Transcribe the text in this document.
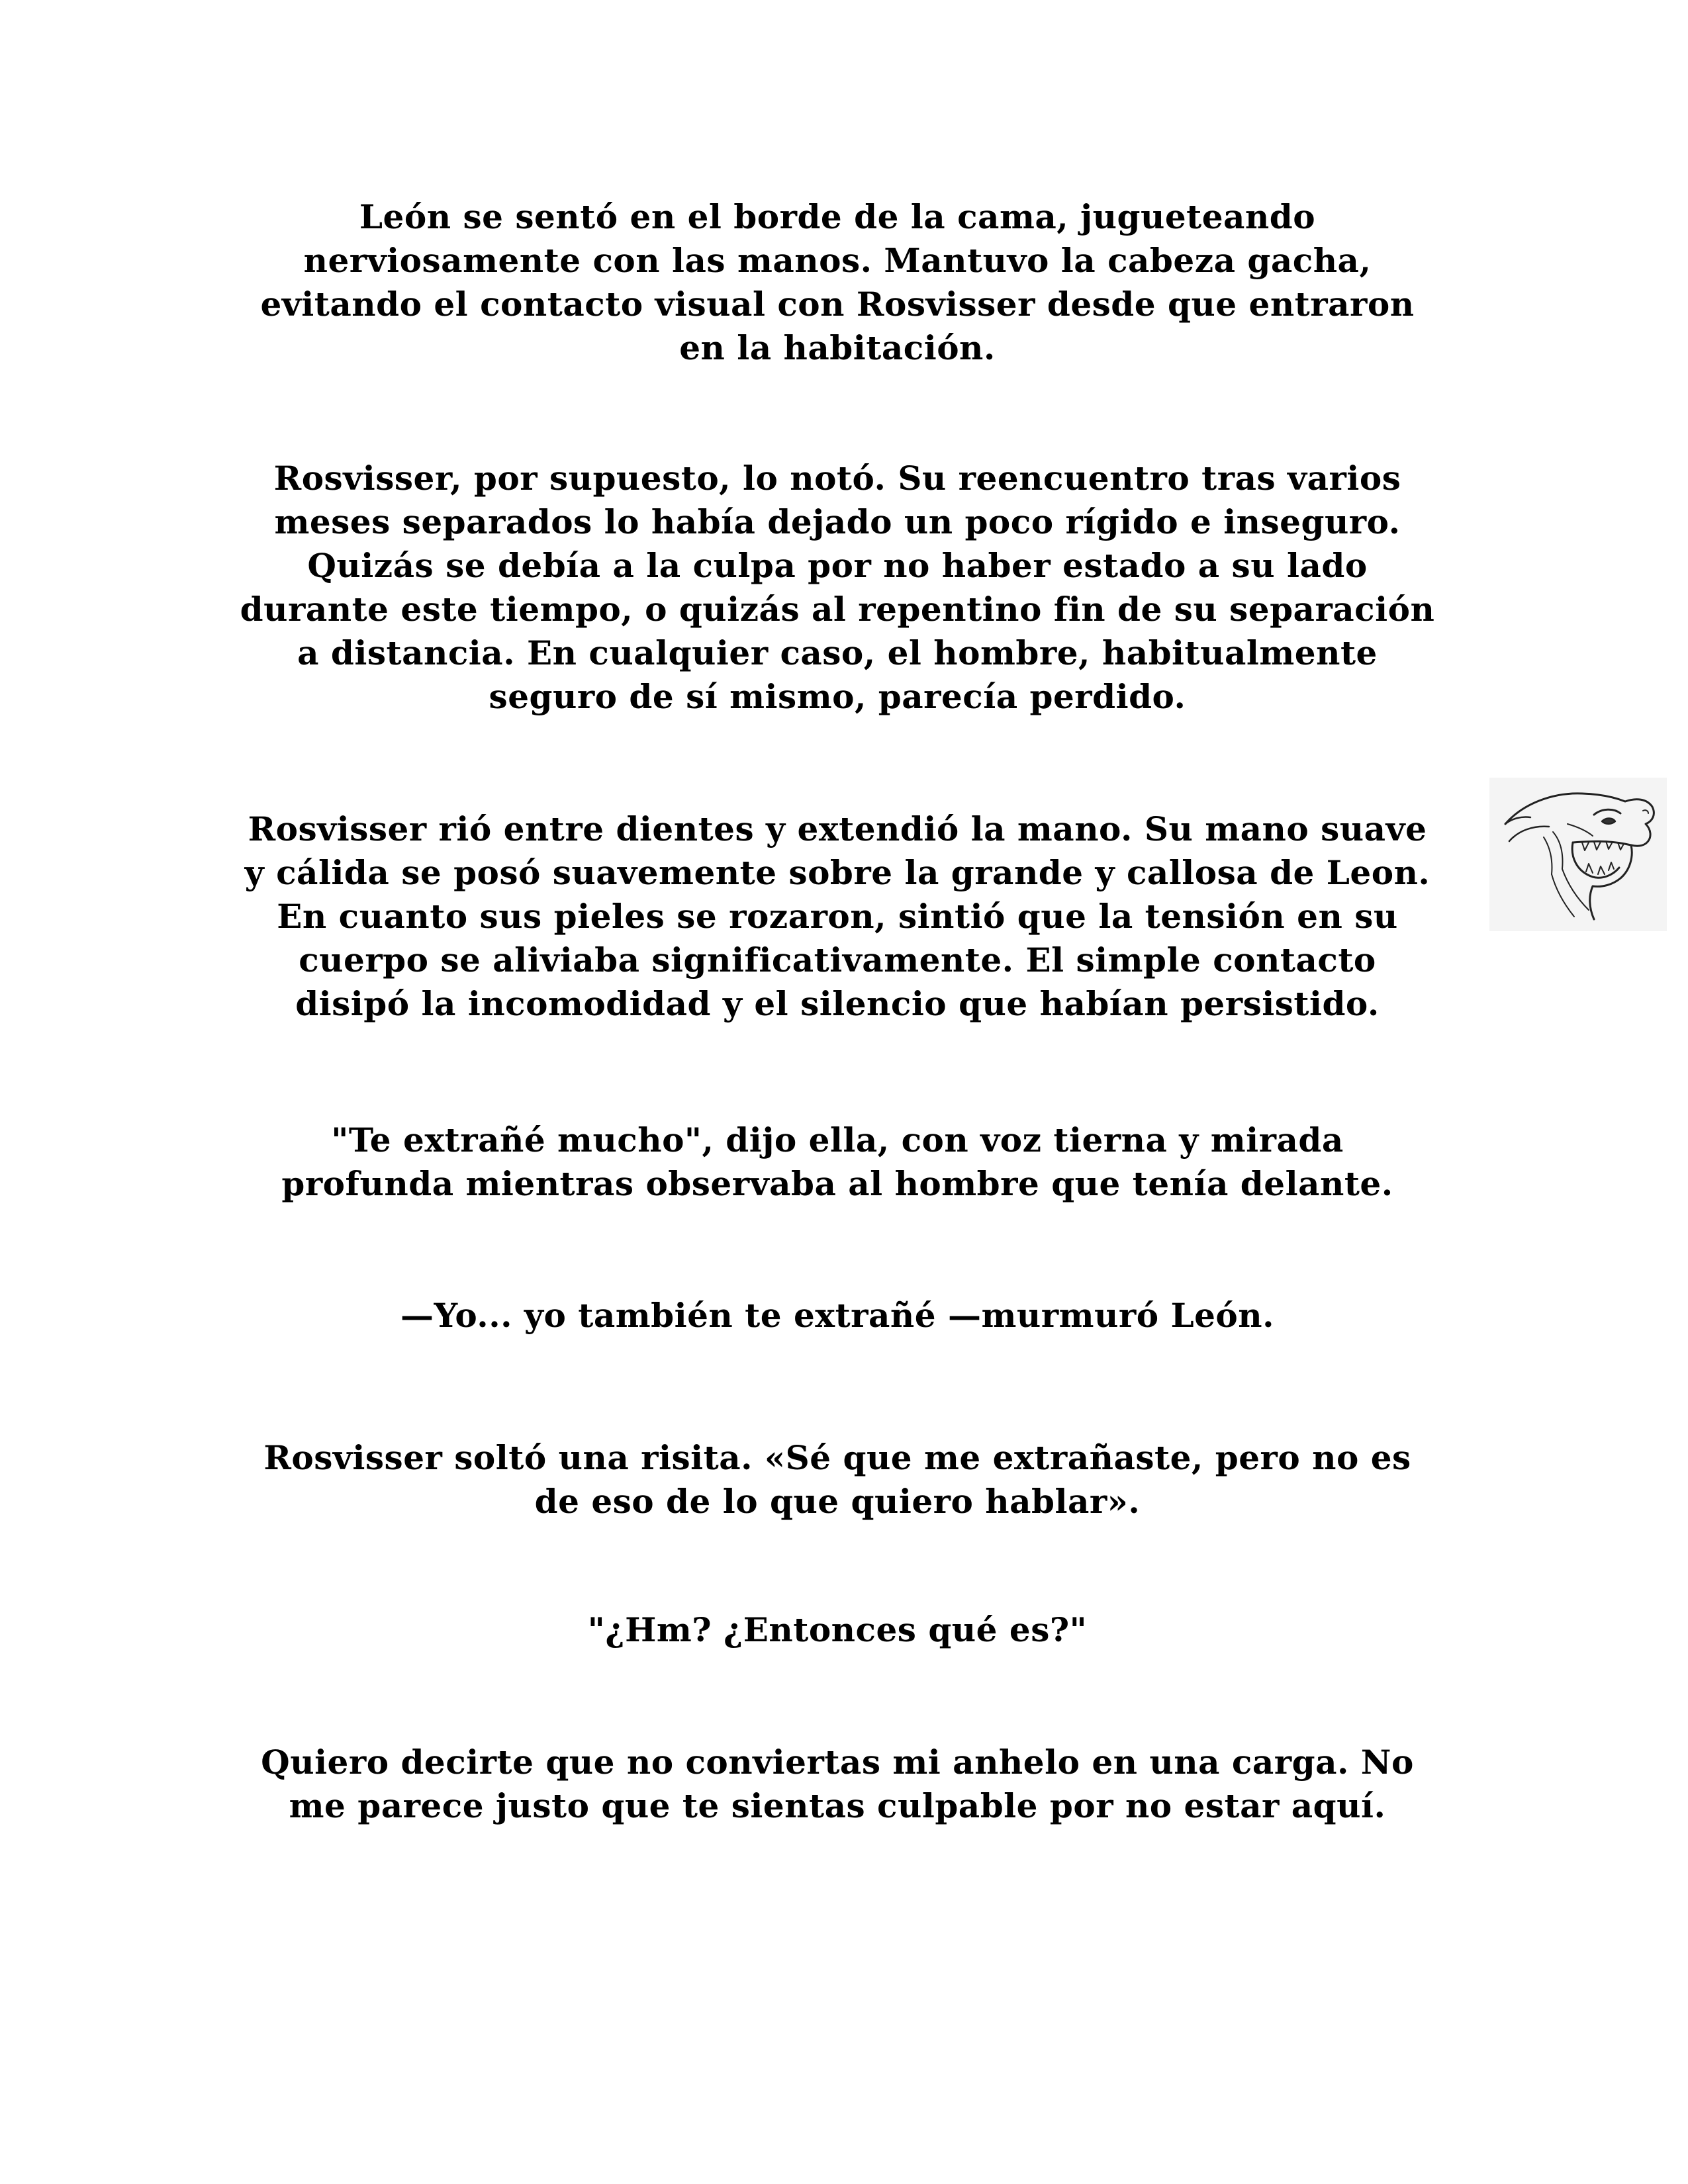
León se sentó en el borde de la cama, jugueteando
nerviosamente con las manos. Mantuvo la cabeza gacha,
evitando el contacto visual con Rosvisser desde que entraron
en la habitación.

Rosvisser, por supuesto, lo notó. Su reencuentro tras varios
meses separados lo había dejado un poco rígido e inseguro.
Quizás se debía a la culpa por no haber estado a su lado
durante este tiempo, o quizás al repentino fin de su separación
a distancia. En cualquier caso, el hombre, habitualmente
seguro de sí mismo, parecía perdido.

Rosvisser rió entre dientes y extendió la mano. Su mano suave
y cálida se posó suavemente sobre la grande y callosa de Leon.
En cuanto sus pieles se rozaron, sintió que la tensión en su
cuerpo se aliviaba significativamente. El simple contacto
disipó la incomodidad y el silencio que habían persistido.

"Te extrañé mucho", dijo ella, con voz tierna y mirada
profunda mientras observaba al hombre que tenía delante.

—Yo... yo también te extrañé —murmuró León.

Rosvisser soltó una risita. «Sé que me extrañaste, pero no es
de eso de lo que quiero hablar».

"¿Hm? ¿Entonces qué es?"

Quiero decirte que no conviertas mi anhelo en una carga. No
me parece justo que te sientas culpable por no estar aquí.
